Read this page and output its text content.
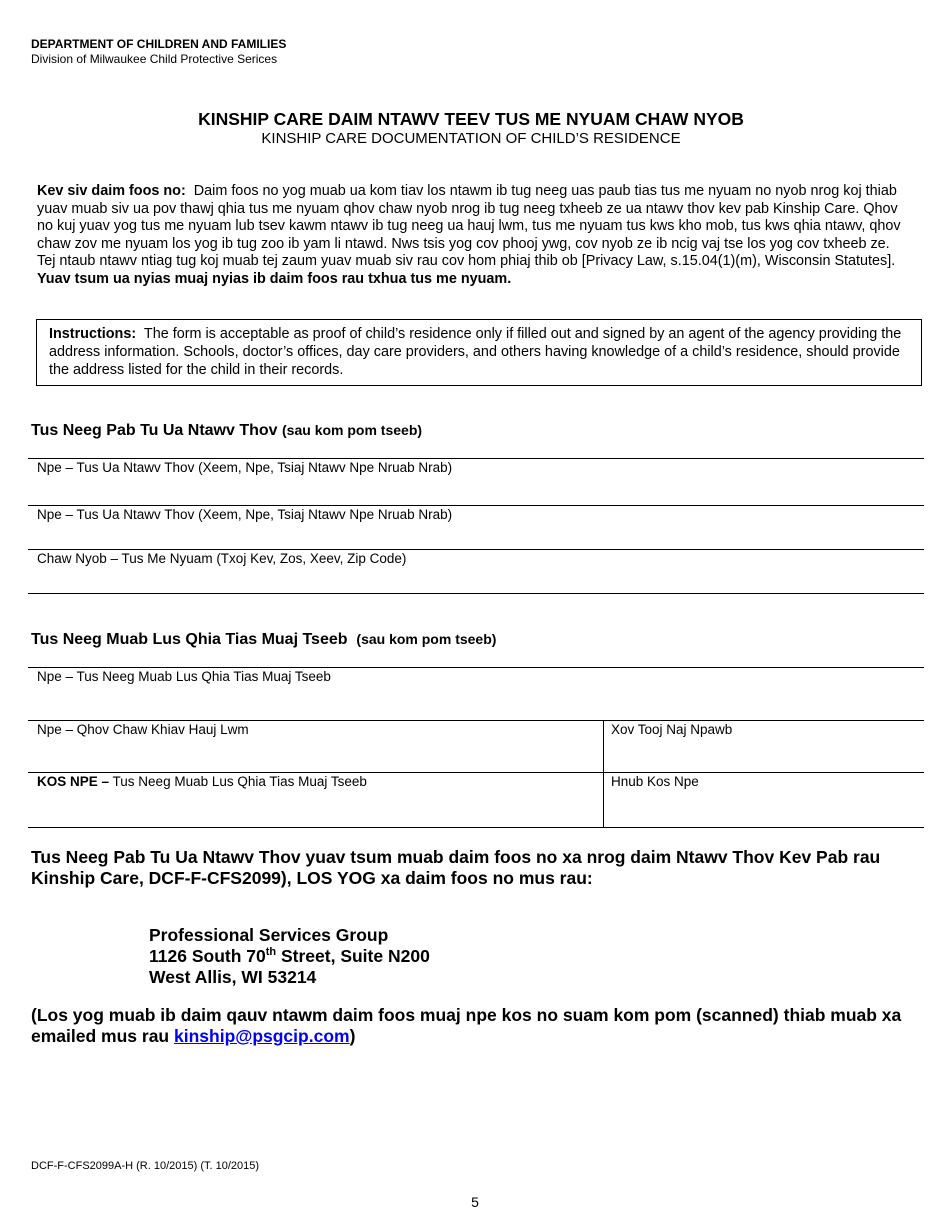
DEPARTMENT OF CHILDREN AND FAMILIES
Division of Milwaukee Child Protective Serices
KINSHIP CARE DAIM NTAWV TEEV TUS ME NYUAM CHAW NYOB
KINSHIP CARE DOCUMENTATION OF CHILD’S RESIDENCE
Kev siv daim foos no: Daim foos no yog muab ua kom tiav los ntawm ib tug neeg uas paub tias tus me nyuam no nyob nrog koj thiab yuav muab siv ua pov thawj qhia tus me nyuam qhov chaw nyob nrog ib tug neeg txheeb ze ua ntawv thov kev pab Kinship Care. Qhov no kuj yuav yog tus me nyuam lub tsev kawm ntawv ib tug neeg ua hauj lwm, tus me nyuam tus kws kho mob, tus kws qhia ntawv, qhov chaw zov me nyuam los yog ib tug zoo ib yam li ntawd. Nws tsis yog cov phooj ywg, cov nyob ze ib ncig vaj tse los yog cov txheeb ze. Tej ntaub ntawv ntiag tug koj muab tej zaum yuav muab siv rau cov hom phiaj thib ob [Privacy Law, s.15.04(1)(m), Wisconsin Statutes]. Yuav tsum ua nyias muaj nyias ib daim foos rau txhua tus me nyuam.
Instructions: The form is acceptable as proof of child’s residence only if filled out and signed by an agent of the agency providing the address information. Schools, doctor’s offices, day care providers, and others having knowledge of a child’s residence, should provide the address listed for the child in their records.
Tus Neeg Pab Tu Ua Ntawv Thov (sau kom pom tseeb)
Npe – Tus Ua Ntawv Thov (Xeem, Npe, Tsiaj Ntawv Npe Nruab Nrab)
Npe – Tus Ua Ntawv Thov (Xeem, Npe, Tsiaj Ntawv Npe Nruab Nrab)
Chaw Nyob – Tus Me Nyuam (Txoj Kev, Zos, Xeev, Zip Code)
Tus Neeg Muab Lus Qhia Tias Muaj Tseeb (sau kom pom tseeb)
Npe – Tus Neeg Muab Lus Qhia Tias Muaj Tseeb
Npe – Qhov Chaw Khiav Hauj Lwm	Xov Tooj Naj Npawb
KOS NPE – Tus Neeg Muab Lus Qhia Tias Muaj Tseeb	Hnub Kos Npe
Tus Neeg Pab Tu Ua Ntawv Thov yuav tsum muab daim foos no xa nrog daim Ntawv Thov Kev Pab rau Kinship Care, DCF-F-CFS2099), LOS YOG xa daim foos no mus rau:
Professional Services Group
1126 South 70th Street, Suite N200
West Allis, WI 53214
(Los yog muab ib daim qauv ntawm daim foos muaj npe kos no suam kom pom (scanned) thiab muab xa emailed mus rau kinship@psgcip.com)
DCF-F-CFS2099A-H (R. 10/2015) (T. 10/2015)
5
